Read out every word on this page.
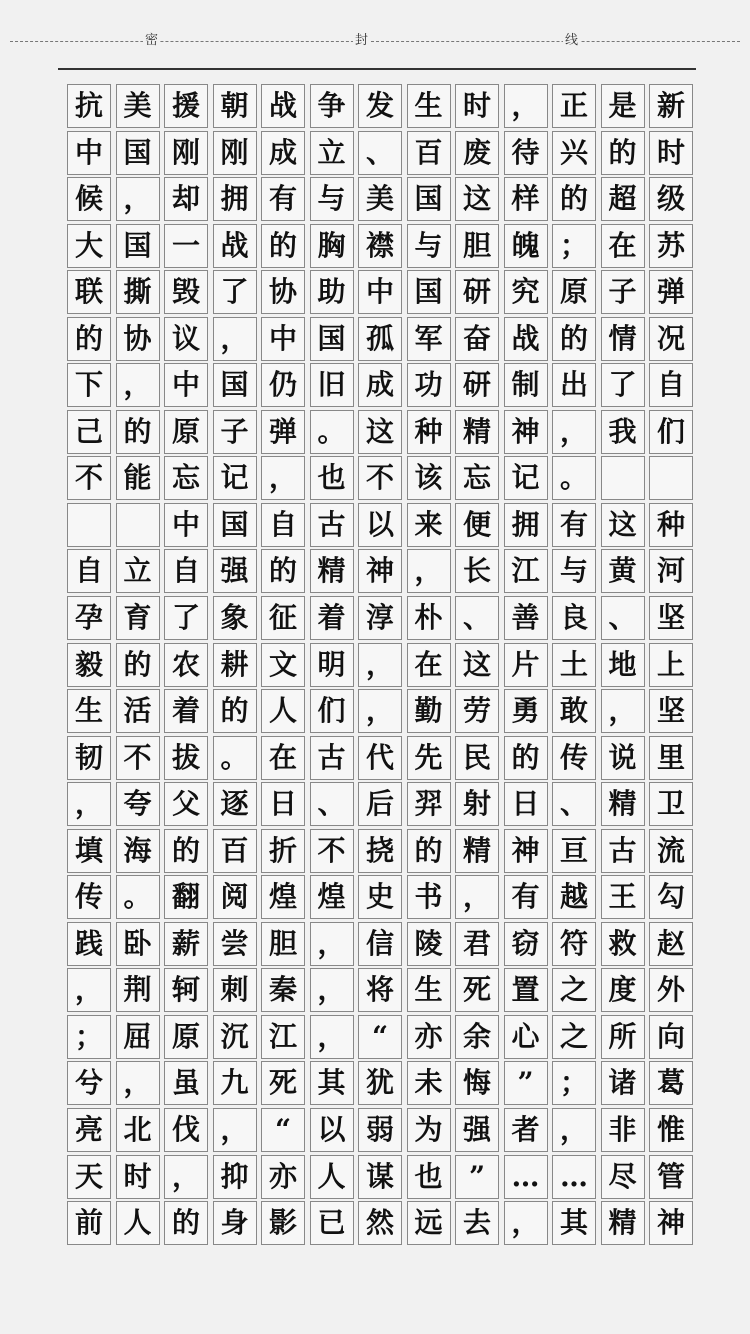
密	封	线
抗 美 援 朝 战 争 发 生 时 ， 正 是 新
中 国 刚 刚 成 立 、 百 废 待 兴 的 时
候 ， 却 拥 有 与 美 国 这 样 的 超 级
大 国 一 战 的 胸 襟 与 胆 魄 ； 在 苏
联 撕 毁 了 协 助 中 国 研 究 原 子 弹
的 协 议 ， 中 国 孤 军 奋 战 的 情 况
下 ， 中 国 仍 旧 成 功 研 制 出 了 自
己 的 原 子 弹 。 这 种 精 神 ， 我 们
不 能 忘 记 ， 也 不 该 忘 记 。
中 国 自 古 以 来 便 拥 有 这 种
自 立 自 强 的 精 神 ， 长 江 与 黄 河
孕 育 了 象 征 着 淳 朴 、 善 良 、 坚
毅 的 农 耕 文 明 ， 在 这 片 土 地 上
生 活 着 的 人 们 ， 勤 劳 勇 敢 ， 坚
韧 不 拔 。 在 古 代 先 民 的 传 说 里
， 夸 父 逐 日 、 后 羿 射 日 、 精 卫
填 海 的 百 折 不 挠 的 精 神 亘 古 流
传 。 翻 阅 煌 煌 史 书 ， 有 越 王 勾
践 卧 薪 尝 胆 ， 信 陵 君 窃 符 救 赵
， 荆 轲 刺 秦 ， 将 生 死 置 之 度 外
； 屈 原 沉 江 ， “ 亦 余 心 之 所 向
兮 ， 虽 九 死 其 犹 未 悔 ” ； 诸 葛
亮 北 伐 ， “ 以 弱 为 强 者 ， 非 惟
天 时 ， 抑 亦 人 谋 也 ” … … 尽 管
前 人 的 身 影 已 然 远 去 ， 其 精 神
